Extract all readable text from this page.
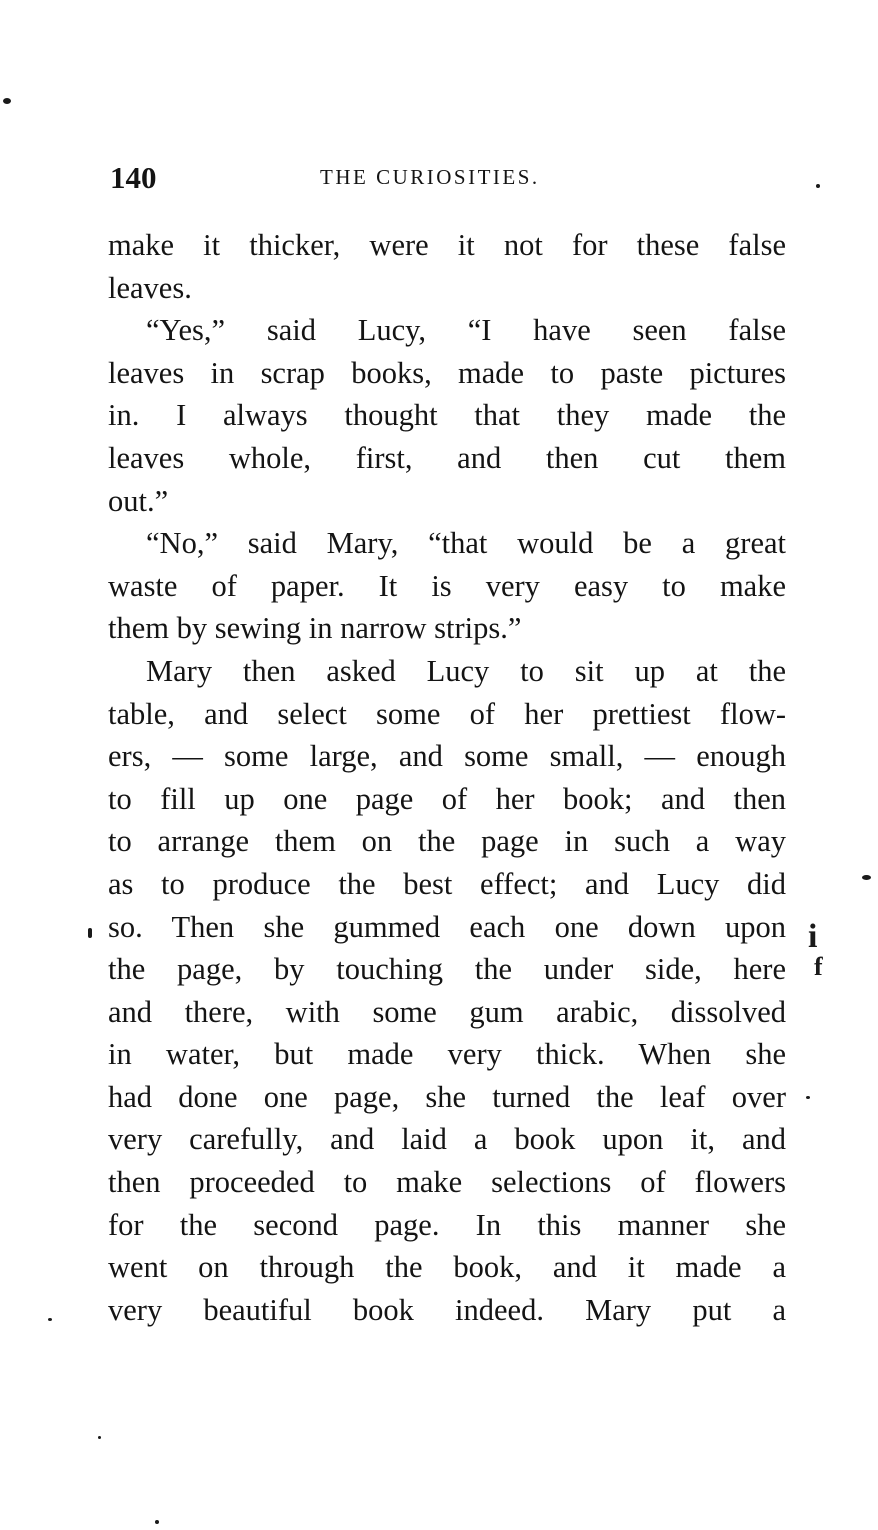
140	THE CURIOSITIES.
make it thicker, were it not for these false
leaves.
“Yes,” said Lucy, “I have seen false
leaves in scrap books, made to paste pictures
in. I always thought that they made the
leaves whole, first, and then cut them
out.”
“No,” said Mary, “that would be a great
waste of paper. It is very easy to make
them by sewing in narrow strips.”
Mary then asked Lucy to sit up at the
table, and select some of her prettiest flow-
ers, — some large, and some small, — enough
to fill up one page of her book; and then
to arrange them on the page in such a way
as to produce the best effect; and Lucy did
so. Then she gummed each one down upon
the page, by touching the under side, here
and there, with some gum arabic, dissolved
in water, but made very thick. When she
had done one page, she turned the leaf over
very carefully, and laid a book upon it, and
then proceeded to make selections of flowers
for the second page. In this manner she
went on through the book, and it made a
very beautiful book indeed. Mary put a
i
f
